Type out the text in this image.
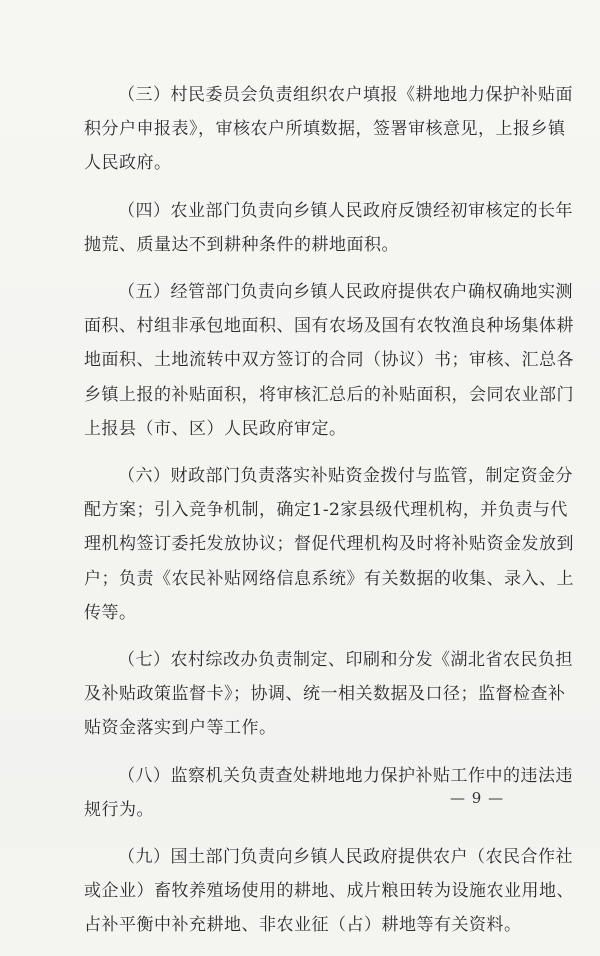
（三）村民委员会负责组织农户填报《耕地地力保护补贴面
积分户申报表》，审核农户所填数据，签署审核意见，上报乡镇
人民政府。

（四）农业部门负责向乡镇人民政府反馈经初审核定的长年
抛荒、质量达不到耕种条件的耕地面积。

（五）经管部门负责向乡镇人民政府提供农户确权确地实测
面积、村组非承包地面积、国有农场及国有农牧渔良种场集体耕
地面积、土地流转中双方签订的合同（协议）书；审核、汇总各
乡镇上报的补贴面积，将审核汇总后的补贴面积，会同农业部门
上报县（市、区）人民政府审定。

（六）财政部门负责落实补贴资金拨付与监管，制定资金分
配方案；引入竞争机制，确定1-2家县级代理机构，并负责与代
理机构签订委托发放协议；督促代理机构及时将补贴资金发放到
户；负责《农民补贴网络信息系统》有关数据的收集、录入、上
传等。

（七）农村综改办负责制定、印刷和分发《湖北省农民负担
及补贴政策监督卡》；协调、统一相关数据及口径；监督检查补
贴资金落实到户等工作。

（八）监察机关负责查处耕地地力保护补贴工作中的违法违
规行为。

（九）国土部门负责向乡镇人民政府提供农户（农民合作社
或企业）畜牧养殖场使用的耕地、成片粮田转为设施农业用地、
占补平衡中补充耕地、非农业征（占）耕地等有关资料。

— 9 —
